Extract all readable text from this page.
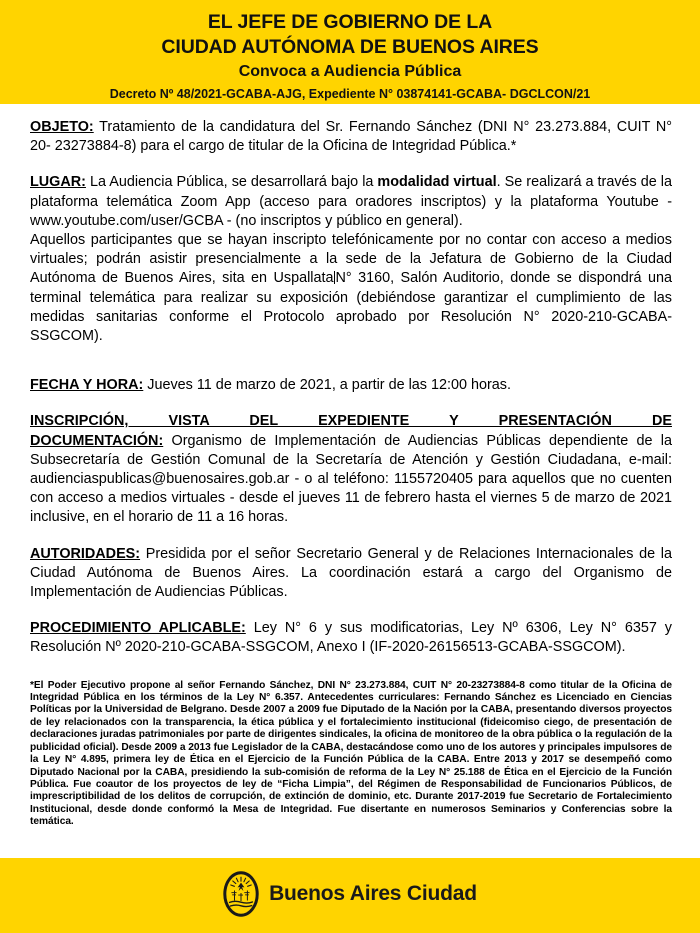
EL JEFE DE GOBIERNO DE LA
CIUDAD AUTÓNOMA DE BUENOS AIRES
Convoca a Audiencia Pública
Decreto Nº 48/2021-GCABA-AJG, Expediente N° 03874141-GCABA- DGCLCON/21

OBJETO: Tratamiento de la candidatura del Sr. Fernando Sánchez (DNI N° 23.273.884, CUIT N° 20- 23273884-8) para el cargo de titular de la Oficina de Integridad Pública.*

LUGAR: La Audiencia Pública, se desarrollará bajo la modalidad virtual. Se realizará a través de la plataforma telemática Zoom App (acceso para oradores inscriptos) y la plataforma Youtube - www.youtube.com/user/GCBA - (no inscriptos y público en general).

Aquellos participantes que se hayan inscripto telefónicamente por no contar con acceso a medios virtuales; podrán asistir presencialmente a la sede de la Jefatura de Gobierno de la Ciudad Autónoma de Buenos Aires, sita en Uspallata N° 3160, Salón Auditorio, donde se dispondrá una terminal telemática para realizar su exposición (debiéndose garantizar el cumplimiento de las medidas sanitarias conforme el Protocolo aprobado por Resolución N° 2020-210-GCABA-SSGCOM).

FECHA Y HORA: Jueves 11 de marzo de 2021, a partir de las 12:00 horas.

INSCRIPCIÓN, VISTA DEL EXPEDIENTE Y PRESENTACIÓN DE
DOCUMENTACIÓN: Organismo de Implementación de Audiencias Públicas dependiente de la Subsecretaría de Gestión Comunal de la Secretaría de Atención y Gestión Ciudadana, e-mail: audienciaspublicas@buenosaires.gob.ar - o al teléfono: 1155720405 para aquellos que no cuenten con acceso a medios virtuales - desde el jueves 11 de febrero hasta el viernes 5 de marzo de 2021 inclusive, en el horario de 11 a 16 horas.

AUTORIDADES: Presidida por el señor Secretario General y de Relaciones Internacionales de la Ciudad Autónoma de Buenos Aires. La coordinación estará a cargo del Organismo de Implementación de Audiencias Públicas.

PROCEDIMIENTO APLICABLE: Ley N° 6 y sus modificatorias, Ley Nº 6306, Ley N° 6357 y Resolución Nº 2020-210-GCABA-SSGCOM, Anexo I (IF-2020-26156513-GCABA-SSGCOM).

*El Poder Ejecutivo propone al señor Fernando Sánchez, DNI N° 23.273.884, CUIT N° 20-23273884-8 como titular de la Oficina de Integridad Pública en los términos de la Ley N° 6.357. Antecedentes curriculares: Fernando Sánchez es Licenciado en Ciencias Políticas por la Universidad de Belgrano. Desde 2007 a 2009 fue Diputado de la Nación por la CABA, presentando diversos proyectos de ley relacionados con la transparencia, la ética pública y el fortalecimiento institucional (fideicomiso ciego, de presentación de declaraciones juradas patrimoniales por parte de dirigentes sindicales, la oficina de monitoreo de la obra pública o la regulación de la publicidad oficial). Desde 2009 a 2013 fue Legislador de la CABA, destacándose como uno de los autores y principales impulsores de la Ley N° 4.895, primera ley de Ética en el Ejercicio de la Función Pública de la CABA. Entre 2013 y 2017 se desempeñó como Diputado Nacional por la CABA, presidiendo la sub-comisión de reforma de la Ley N° 25.188 de Ética en el Ejercicio de la Función Pública. Fue coautor de los proyectos de ley de “Ficha Limpia”, del Régimen de Responsabilidad de Funcionarios Públicos, de imprescriptibilidad de los delitos de corrupción, de extinción de dominio, etc. Durante 2017-2019 fue Secretario de Fortalecimiento Institucional, desde donde conformó la Mesa de Integridad. Fue disertante en numerosos Seminarios y Conferencias sobre la temática.

Buenos Aires Ciudad
